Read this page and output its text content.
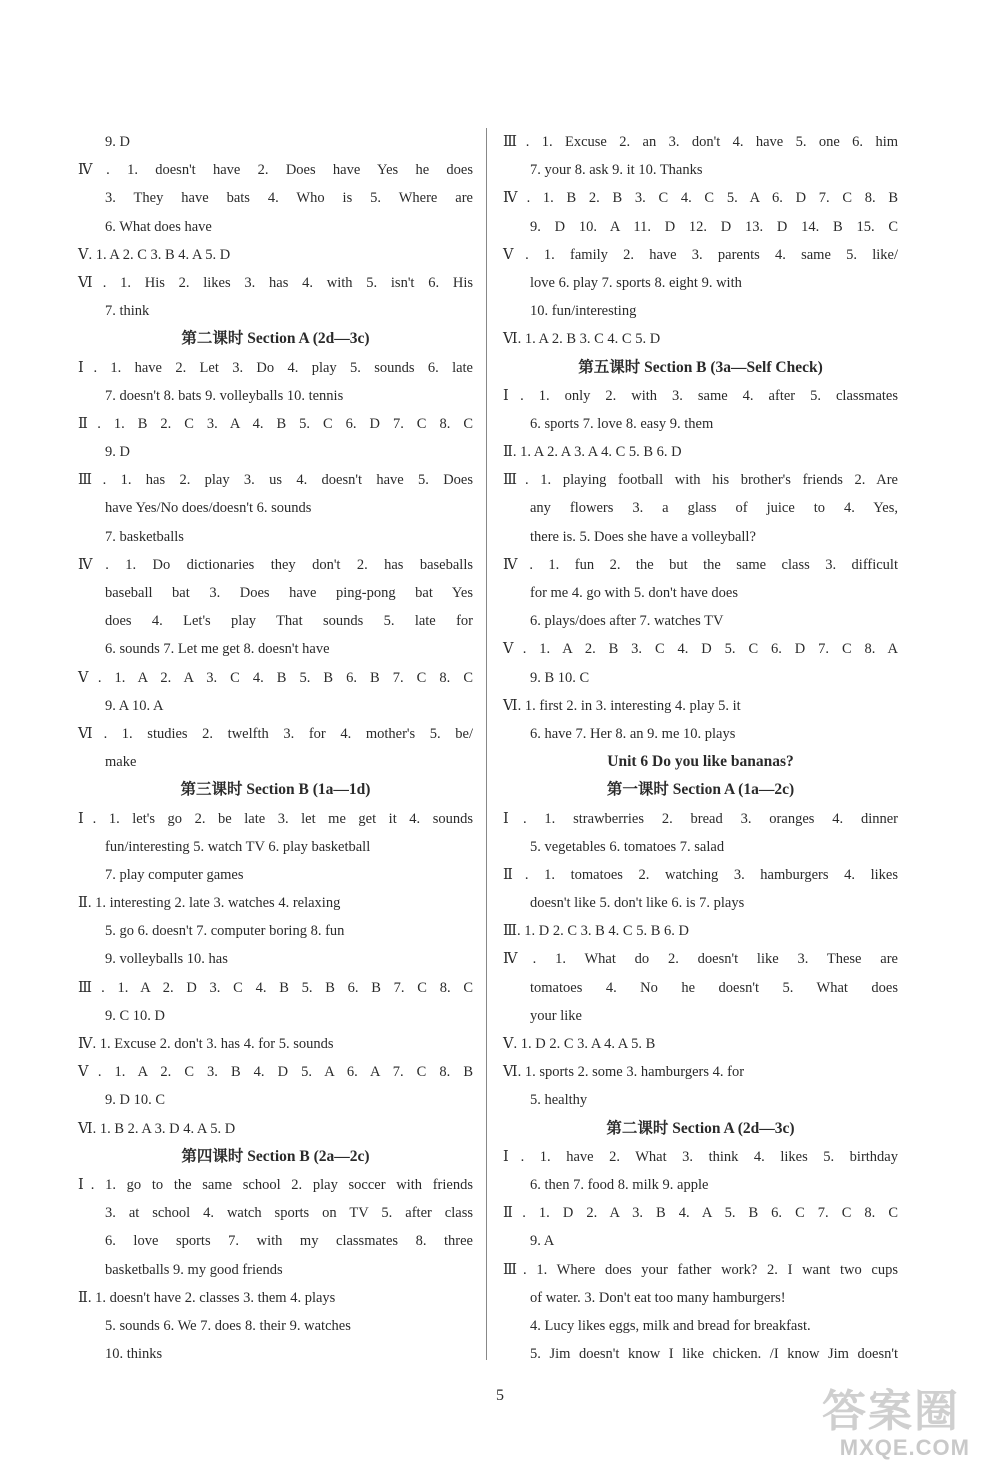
9. D
Ⅳ. 1. doesn't have 2. Does have Yes he does
3. They have bats 4. Who is 5. Where are
6. What does have
Ⅴ. 1. A 2. C 3. B 4. A 5. D
Ⅵ. 1. His 2. likes 3. has 4. with 5. isn't 6. His
7. think
第二课时 Section A (2d—3c)
Ⅰ. 1. have 2. Let 3. Do 4. play 5. sounds 6. late
7. doesn't 8. bats 9. volleyballs 10. tennis
Ⅱ. 1. B 2. C 3. A 4. B 5. C 6. D 7. C 8. C
9. D
Ⅲ. 1. has 2. play 3. us 4. doesn't have 5. Does
have Yes/No does/doesn't 6. sounds
7. basketballs
Ⅳ. 1. Do dictionaries they don't 2. has baseballs
baseball bat 3. Does have ping-pong bat Yes
does 4. Let's play That sounds 5. late for
6. sounds 7. Let me get 8. doesn't have
Ⅴ. 1. A 2. A 3. C 4. B 5. B 6. B 7. C 8. C
9. A 10. A
Ⅵ. 1. studies 2. twelfth 3. for 4. mother's 5. be/
make
第三课时 Section B (1a—1d)
Ⅰ. 1. let's go 2. be late 3. let me get it 4. sounds
fun/interesting 5. watch TV 6. play basketball
7. play computer games
Ⅱ. 1. interesting 2. late 3. watches 4. relaxing
5. go 6. doesn't 7. computer boring 8. fun
9. volleyballs 10. has
Ⅲ. 1. A 2. D 3. C 4. B 5. B 6. B 7. C 8. C
9. C 10. D
Ⅳ. 1. Excuse 2. don't 3. has 4. for 5. sounds
Ⅴ. 1. A 2. C 3. B 4. D 5. A 6. A 7. C 8. B
9. D 10. C
Ⅵ. 1. B 2. A 3. D 4. A 5. D
第四课时 Section B (2a—2c)
Ⅰ. 1. go to the same school 2. play soccer with friends
3. at school 4. watch sports on TV 5. after class
6. love sports 7. with my classmates 8. three
basketballs 9. my good friends
Ⅱ. 1. doesn't have 2. classes 3. them 4. plays
5. sounds 6. We 7. does 8. their 9. watches
10. thinks
Ⅲ. 1. Excuse 2. an 3. don't 4. have 5. one 6. him
7. your 8. ask 9. it 10. Thanks
Ⅳ. 1. B 2. B 3. C 4. C 5. A 6. D 7. C 8. B
9. D 10. A 11. D 12. D 13. D 14. B 15. C
Ⅴ. 1. family 2. have 3. parents 4. same 5. like/
love 6. play 7. sports 8. eight 9. with
10. fun/interesting
Ⅵ. 1. A 2. B 3. C 4. C 5. D
第五课时 Section B (3a—Self Check)
Ⅰ. 1. only 2. with 3. same 4. after 5. classmates
6. sports 7. love 8. easy 9. them
Ⅱ. 1. A 2. A 3. A 4. C 5. B 6. D
Ⅲ. 1. playing football with his brother's friends 2. Are
any flowers 3. a glass of juice to 4. Yes,
there is. 5. Does she have a volleyball?
Ⅳ. 1. fun 2. the but the same class 3. difficult
for me 4. go with 5. don't have does
6. plays/does after 7. watches TV
Ⅴ. 1. A 2. B 3. C 4. D 5. C 6. D 7. C 8. A
9. B 10. C
Ⅵ. 1. first 2. in 3. interesting 4. play 5. it
6. have 7. Her 8. an 9. me 10. plays
Unit 6 Do you like bananas?
第一课时 Section A (1a—2c)
Ⅰ. 1. strawberries 2. bread 3. oranges 4. dinner
5. vegetables 6. tomatoes 7. salad
Ⅱ. 1. tomatoes 2. watching 3. hamburgers 4. likes
doesn't like 5. don't like 6. is 7. plays
Ⅲ. 1. D 2. C 3. B 4. C 5. B 6. D
Ⅳ. 1. What do 2. doesn't like 3. These are
tomatoes 4. No he doesn't 5. What does
your like
Ⅴ. 1. D 2. C 3. A 4. A 5. B
Ⅵ. 1. sports 2. some 3. hamburgers 4. for
5. healthy
第二课时 Section A (2d—3c)
Ⅰ. 1. have 2. What 3. think 4. likes 5. birthday
6. then 7. food 8. milk 9. apple
Ⅱ. 1. D 2. A 3. B 4. A 5. B 6. C 7. C 8. C
9. A
Ⅲ. 1. Where does your father work? 2. I want two cups
of water. 3. Don't eat too many hamburgers!
4. Lucy likes eggs, milk and bread for breakfast.
5. Jim doesn't know I like chicken. /I know Jim doesn't
5	答案圈
MXQE.COM
